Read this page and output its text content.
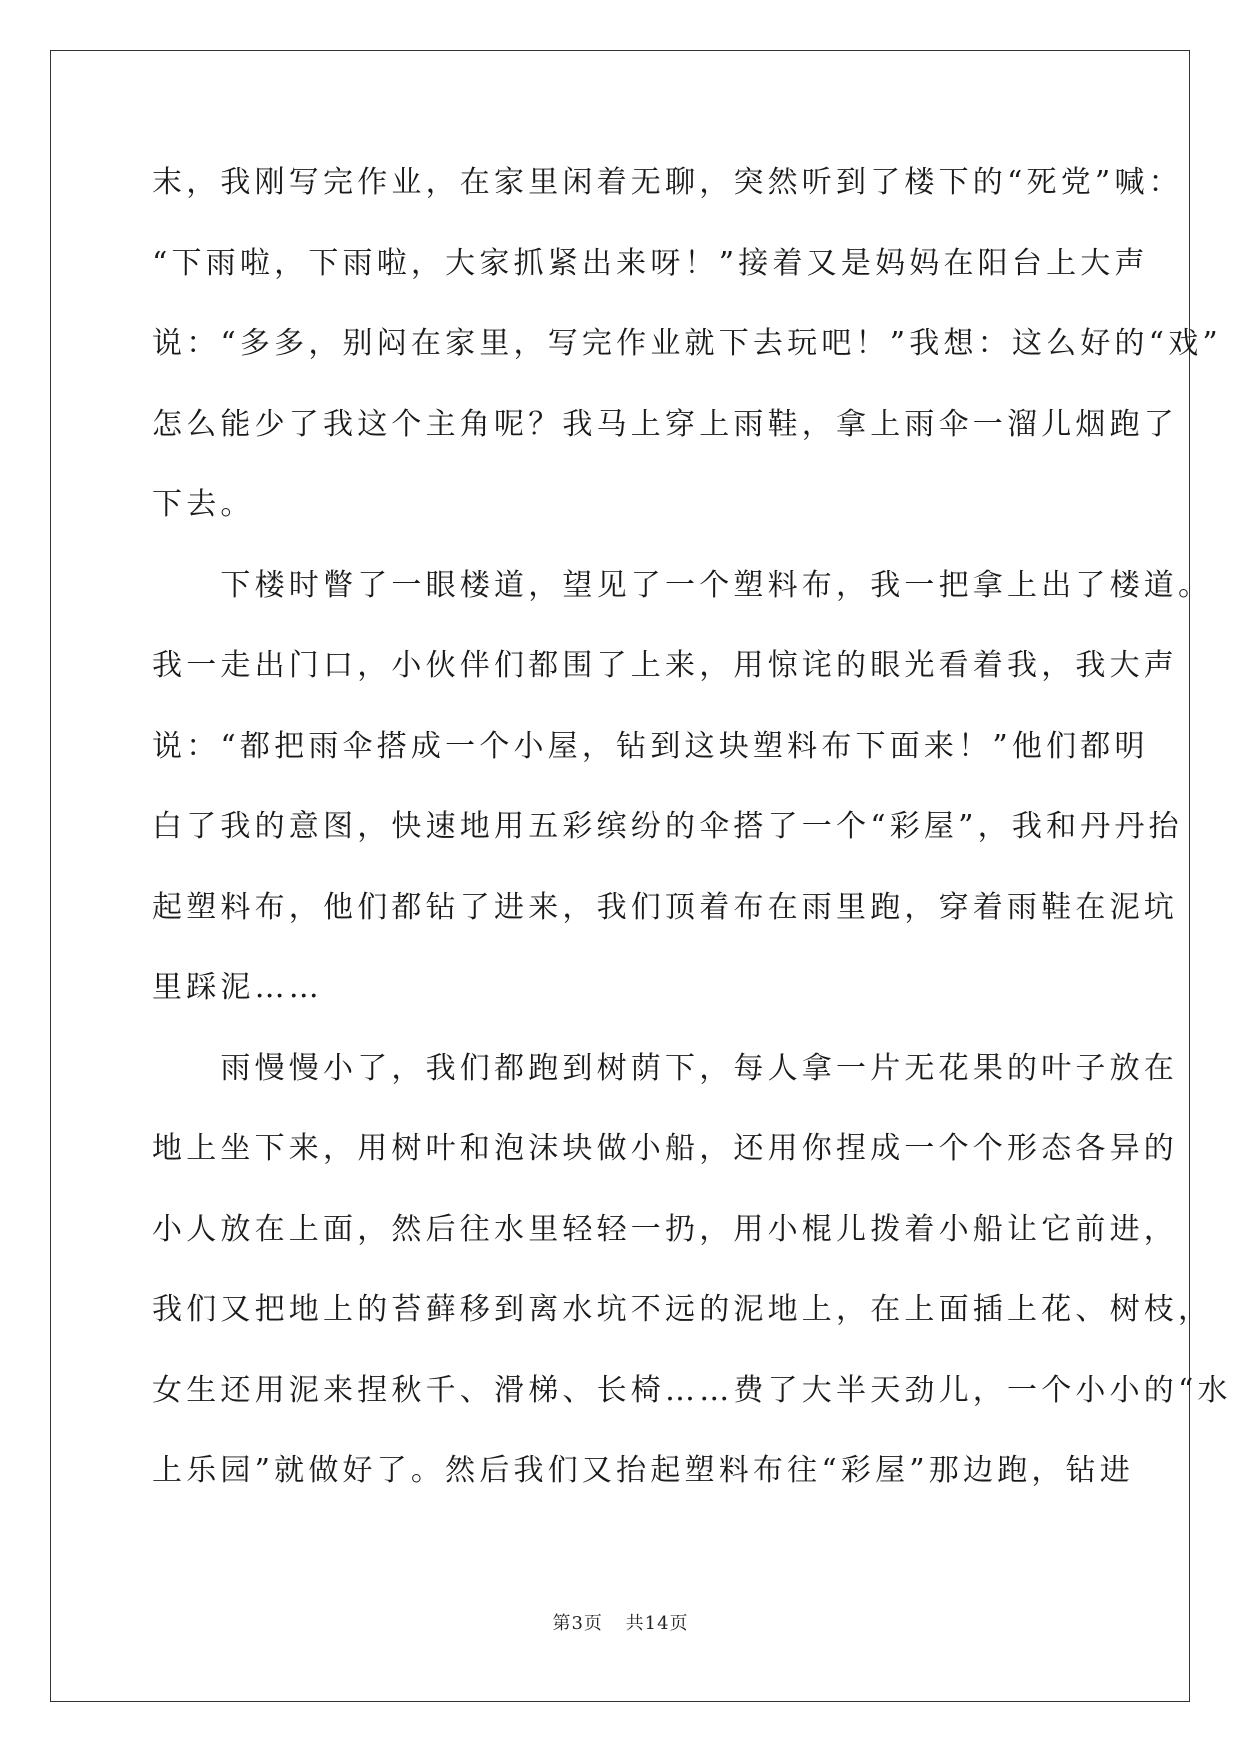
末，我刚写完作业，在家里闲着无聊，突然听到了楼下的“死党”喊：
“下雨啦，下雨啦，大家抓紧出来呀！”接着又是妈妈在阳台上大声
说：“多多，别闷在家里，写完作业就下去玩吧！”我想：这么好的“戏”
怎么能少了我这个主角呢？我马上穿上雨鞋，拿上雨伞一溜儿烟跑了
下去。
　　下楼时瞥了一眼楼道，望见了一个塑料布，我一把拿上出了楼道。
我一走出门口，小伙伴们都围了上来，用惊诧的眼光看着我，我大声
说：“都把雨伞搭成一个小屋，钻到这块塑料布下面来！”他们都明
白了我的意图，快速地用五彩缤纷的伞搭了一个“彩屋”，我和丹丹抬
起塑料布，他们都钻了进来，我们顶着布在雨里跑，穿着雨鞋在泥坑
里踩泥……
　　雨慢慢小了，我们都跑到树荫下，每人拿一片无花果的叶子放在
地上坐下来，用树叶和泡沫块做小船，还用你捏成一个个形态各异的
小人放在上面，然后往水里轻轻一扔，用小棍儿拨着小船让它前进，
我们又把地上的苔藓移到离水坑不远的泥地上，在上面插上花、树枝，
女生还用泥来捏秋千、滑梯、长椅……费了大半天劲儿，一个小小的“水
上乐园”就做好了。然后我们又抬起塑料布往“彩屋”那边跑，钻进
第3页 共14页
